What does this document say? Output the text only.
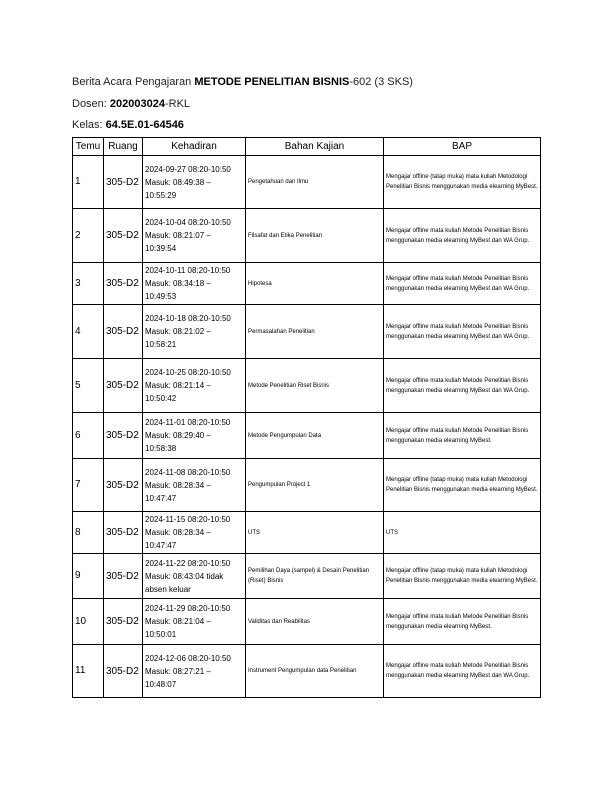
Berita Acara Pengajaran METODE PENELITIAN BISNIS-602 (3 SKS)
Dosen: 202003024-RKL
Kelas: 64.5E.01-64546
Temu	Ruang	Kehadiran	Bahan Kajian	BAP
1	305-D2	2024-09-27 08:20-10:50 Masuk: 08:49:38 – 10:55:29	Pengetahuan dan Ilmu	Mengajar offline (tatap muka) mata kuliah Metodologi Penelitian Bisnis menggunakan media elearning MyBest.
2	305-D2	2024-10-04 08:20-10:50 Masuk: 08:21:07 – 10:39:54	Filsafat dan Etika Penelitian	Mengajar offline mata kuliah Metode Penelitian Bisnis menggunakan media elearning MyBest dan WA Grup.
3	305-D2	2024-10-11 08:20-10:50 Masuk: 08:34:18 – 10:49:53	Hipotesa	Mengajar offline mata kuliah Metode Penelitian Bisnis menggunakan media elearning MyBest dan WA Grup.
4	305-D2	2024-10-18 08:20-10:50 Masuk: 08:21:02 – 10:58:21	Permasalahan Penelitian	Mengajar offline mata kuliah Metode Penelitian Bisnis menggunakan media elearning MyBest dan WA Grup.
5	305-D2	2024-10-25 08:20-10:50 Masuk: 08:21:14 – 10:50:42	Metode Penelitian Riset Bisnis	Mengajar offline mata kuliah Metode Penelitian Bisnis menggunakan media elearning MyBest dan WA Grup.
6	305-D2	2024-11-01 08:20-10:50 Masuk: 08:29:40 – 10:58:38	Metode Pengumpulan Data	Mengajar offline mata kuliah Metode Penelitian Bisnis menggunakan media elearning MyBest.
7	305-D2	2024-11-08 08:20-10:50 Masuk: 08:28:34 – 10:47:47	Pengumpulan Project 1	Mengajar offline (tatap muka) mata kuliah Metodologi Penelitian Bisnis menggunakan media elearning MyBest.
8	305-D2	2024-11-15 08:20-10:50 Masuk: 08:28:34 – 10:47:47	UTS	UTS
9	305-D2	2024-11-22 08:20-10:50 Masuk: 08:43:04 tidak absen keluar	Pemilihan Daya (sampel) & Desain Penelitian (Riset) Bisnis	Mengajar offline (tatap muka) mata kuliah Metodologi Penelitian Bisnis menggunakan media elearning MyBest.
10	305-D2	2024-11-29 08:20-10:50 Masuk: 08:21:04 – 10:50:01	Validitas dan Reabilitas	Mengajar offline mata kuliah Metode Penelitian Bisnis menggunakan media elearning MyBest.
11	305-D2	2024-12-06 08:20-10:50 Masuk: 08:27:21 – 10:48:07	Instrument Pengumpulan data Penelitian	Mengajar offline mata kuliah Metode Penelitian Bisnis menggunakan media elearning MyBest dan WA Grup.
